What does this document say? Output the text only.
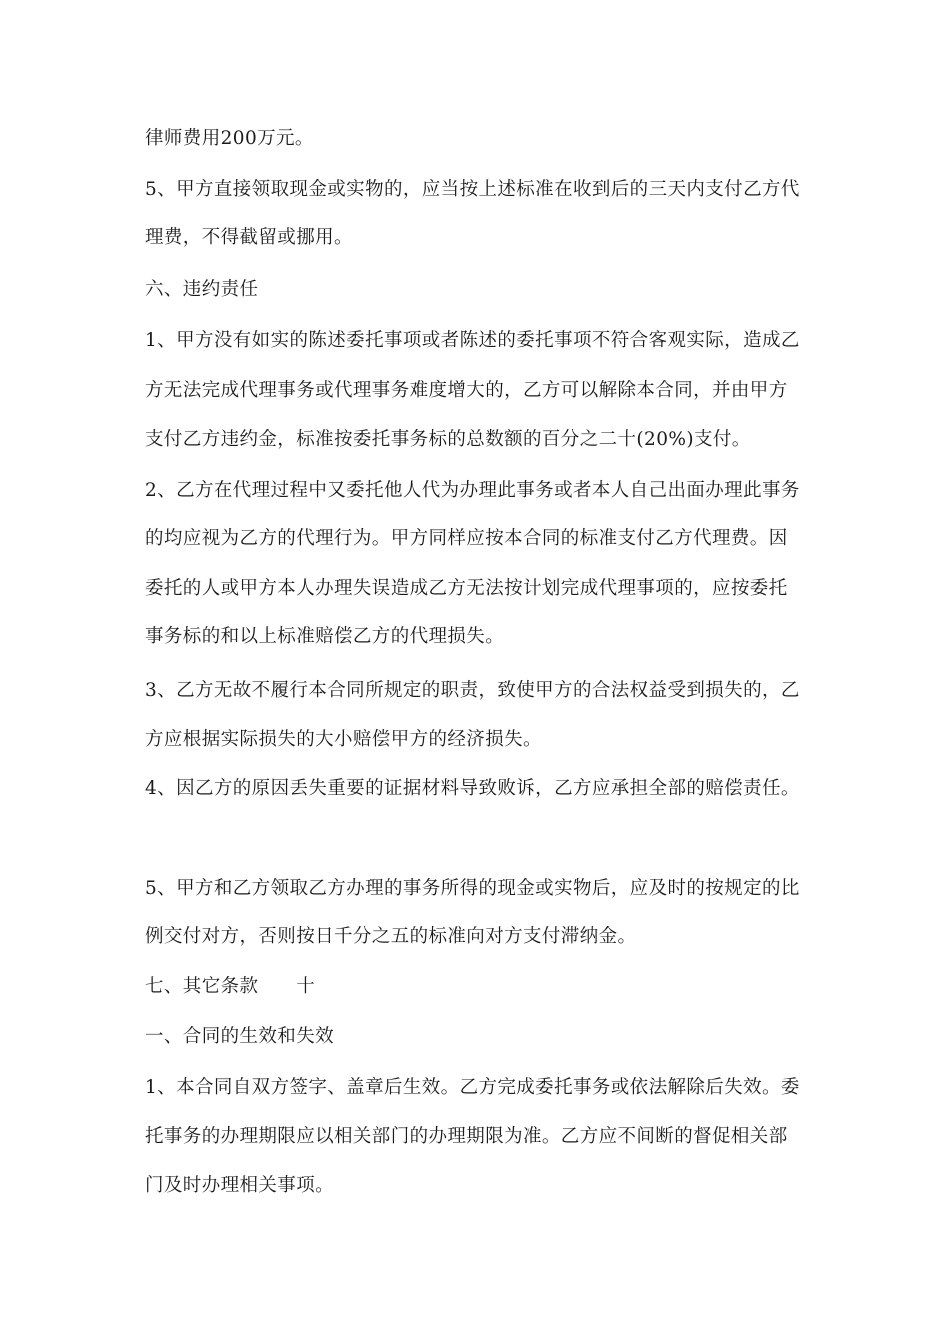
律师费用200万元。
5、甲方直接领取现金或实物的，应当按上述标准在收到后的三天内支付乙方代
理费，不得截留或挪用。
六、违约责任
1、甲方没有如实的陈述委托事项或者陈述的委托事项不符合客观实际，造成乙
方无法完成代理事务或代理事务难度增大的，乙方可以解除本合同，并由甲方
支付乙方违约金，标准按委托事务标的总数额的百分之二十(20%)支付。
2、乙方在代理过程中又委托他人代为办理此事务或者本人自己出面办理此事务
的均应视为乙方的代理行为。甲方同样应按本合同的标准支付乙方代理费。因
委托的人或甲方本人办理失误造成乙方无法按计划完成代理事项的，应按委托
事务标的和以上标准赔偿乙方的代理损失。
3、乙方无故不履行本合同所规定的职责，致使甲方的合法权益受到损失的，乙
方应根据实际损失的大小赔偿甲方的经济损失。
4、因乙方的原因丢失重要的证据材料导致败诉，乙方应承担全部的赔偿责任。
5、甲方和乙方领取乙方办理的事务所得的现金或实物后，应及时的按规定的比
例交付对方，否则按日千分之五的标准向对方支付滞纳金。
七、其它条款　　十
一、合同的生效和失效
1、本合同自双方签字、盖章后生效。乙方完成委托事务或依法解除后失效。委
托事务的办理期限应以相关部门的办理期限为准。乙方应不间断的督促相关部
门及时办理相关事项。
